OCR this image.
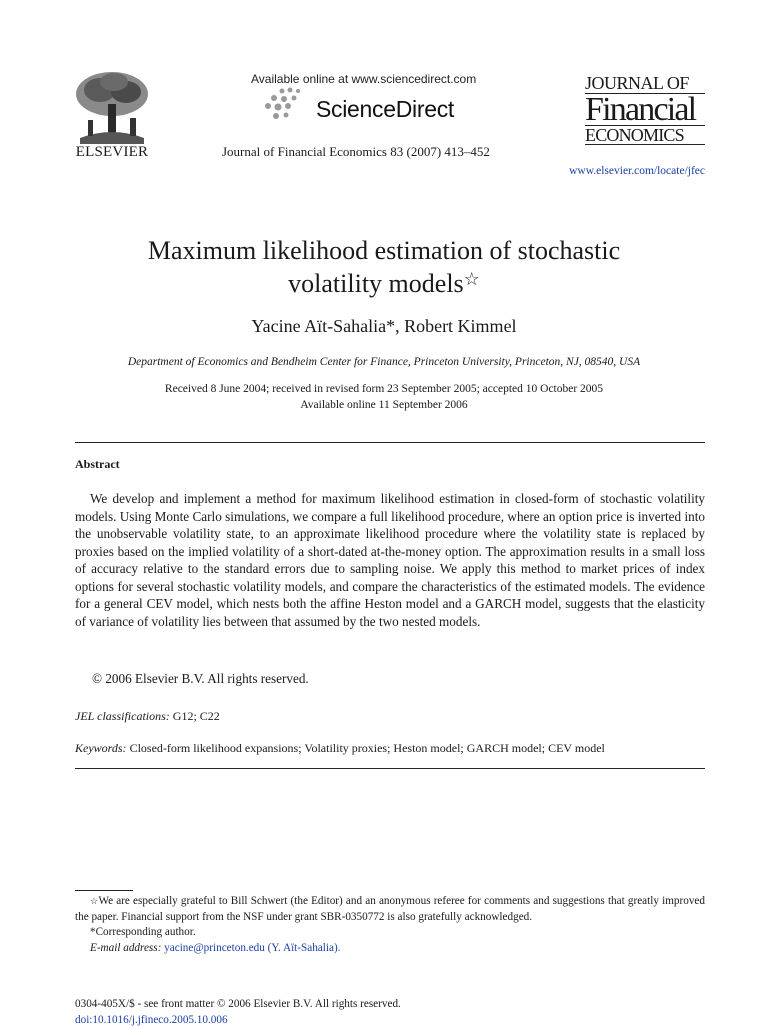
ELSEVIER
Available online at www.sciencedirect.com
ScienceDirect
Journal of Financial Economics 83 (2007) 413–452
JOURNAL OF
Financial
ECONOMICS
www.elsevier.com/locate/jfec
Maximum likelihood estimation of stochastic
volatility models☆
Yacine Aït-Sahalia*, Robert Kimmel
Department of Economics and Bendheim Center for Finance, Princeton University, Princeton, NJ, 08540, USA
Received 8 June 2004; received in revised form 23 September 2005; accepted 10 October 2005
Available online 11 September 2006
Abstract

We develop and implement a method for maximum likelihood estimation in closed-form of stochastic volatility models. Using Monte Carlo simulations, we compare a full likelihood procedure, where an option price is inverted into the unobservable volatility state, to an approximate likelihood procedure where the volatility state is replaced by proxies based on the implied volatility of a short-dated at-the-money option. The approximation results in a small loss of accuracy relative to the standard errors due to sampling noise. We apply this method to market prices of index options for several stochastic volatility models, and compare the characteristics of the estimated models. The evidence for a general CEV model, which nests both the affine Heston model and a GARCH model, suggests that the elasticity of variance of volatility lies between that assumed by the two nested models.

© 2006 Elsevier B.V. All rights reserved.
JEL classifications: G12; C22
Keywords: Closed-form likelihood expansions; Volatility proxies; Heston model; GARCH model; CEV model

☆We are especially grateful to Bill Schwert (the Editor) and an anonymous referee for comments and suggestions that greatly improved the paper. Financial support from the NSF under grant SBR-0350772 is also gratefully acknowledged.

*Corresponding author.

E-mail address: yacine@princeton.edu (Y. Aït-Sahalia).

0304-405X/$ - see front matter © 2006 Elsevier B.V. All rights reserved.
doi:10.1016/j.jfineco.2005.10.006
